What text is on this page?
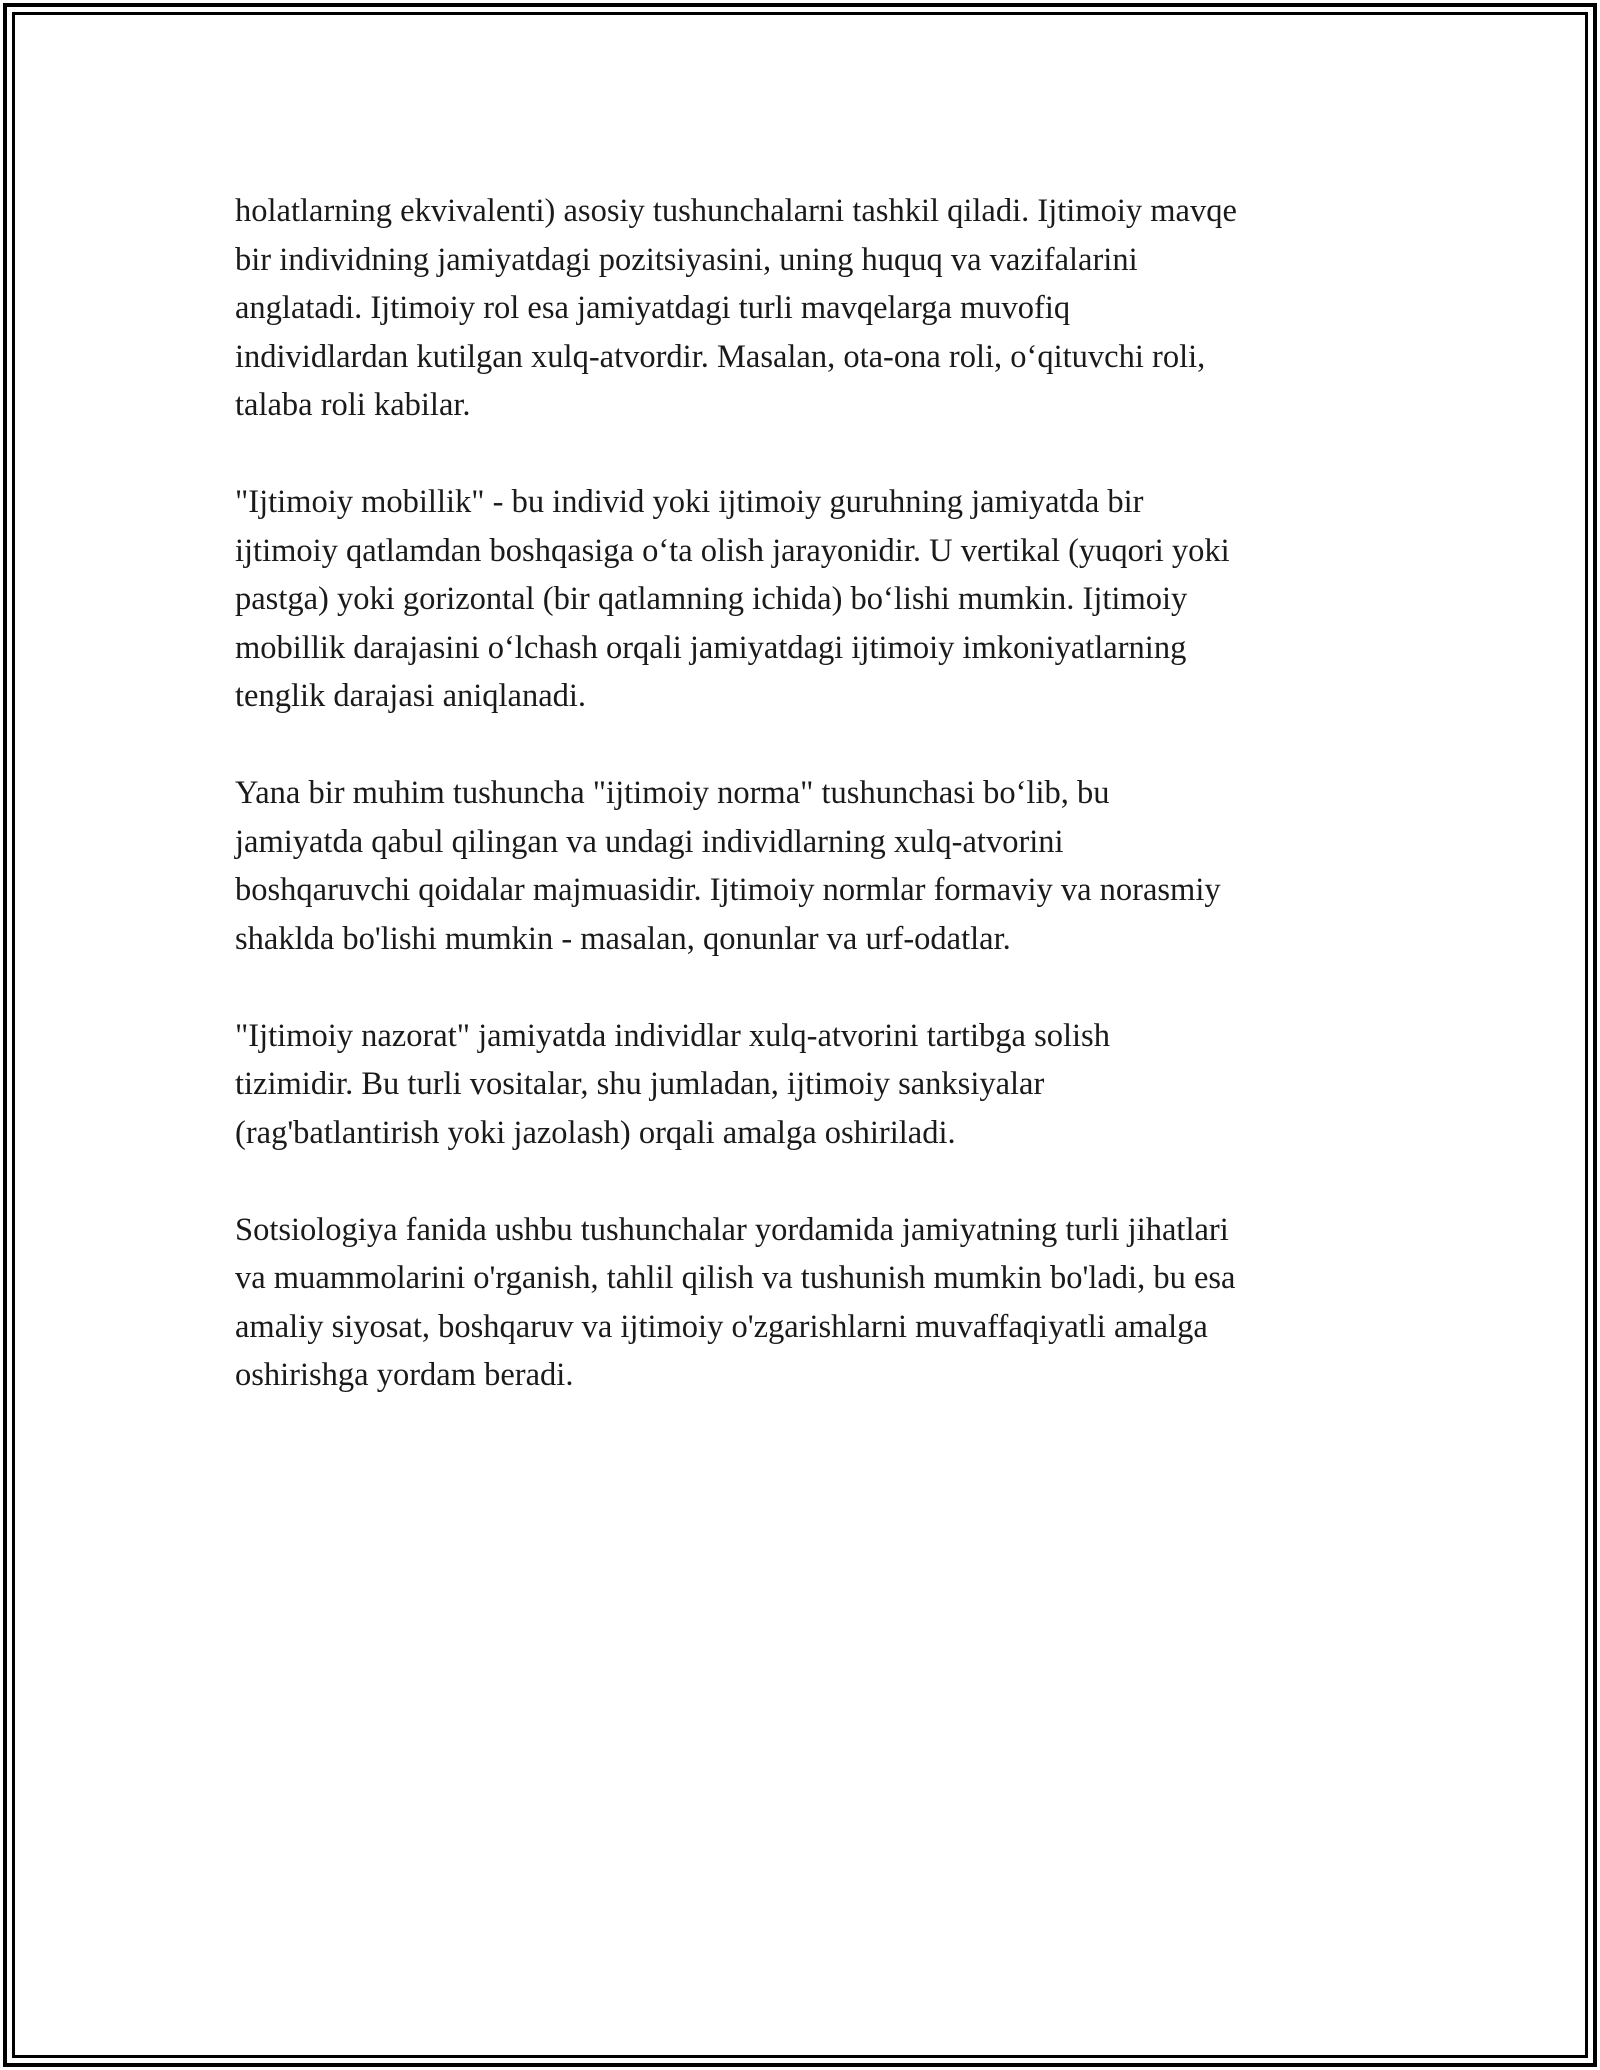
holatlarning ekvivalenti) asosiy tushunchalarni tashkil qiladi. Ijtimoiy mavqe
bir individning jamiyatdagi pozitsiyasini, uning huquq va vazifalarini
anglatadi. Ijtimoiy rol esa jamiyatdagi turli mavqelarga muvofiq
individlardan kutilgan xulq-atvordir. Masalan, ota-ona roli, o‘qituvchi roli,
talaba roli kabilar.

"Ijtimoiy mobillik" - bu individ yoki ijtimoiy guruhning jamiyatda bir
ijtimoiy qatlamdan boshqasiga o‘ta olish jarayonidir. U vertikal (yuqori yoki
pastga) yoki gorizontal (bir qatlamning ichida) bo‘lishi mumkin. Ijtimoiy
mobillik darajasini o‘lchash orqali jamiyatdagi ijtimoiy imkoniyatlarning
tenglik darajasi aniqlanadi.

Yana bir muhim tushuncha "ijtimoiy norma" tushunchasi bo‘lib, bu
jamiyatda qabul qilingan va undagi individlarning xulq-atvorini
boshqaruvchi qoidalar majmuasidir. Ijtimoiy normlar formaviy va norasmiy
shaklda bo'lishi mumkin - masalan, qonunlar va urf-odatlar.

"Ijtimoiy nazorat" jamiyatda individlar xulq-atvorini tartibga solish
tizimidir. Bu turli vositalar, shu jumladan, ijtimoiy sanksiyalar
(rag'batlantirish yoki jazolash) orqali amalga oshiriladi.

Sotsiologiya fanida ushbu tushunchalar yordamida jamiyatning turli jihatlari
va muammolarini o'rganish, tahlil qilish va tushunish mumkin bo'ladi, bu esa
amaliy siyosat, boshqaruv va ijtimoiy o'zgarishlarni muvaffaqiyatli amalga
oshirishga yordam beradi.
